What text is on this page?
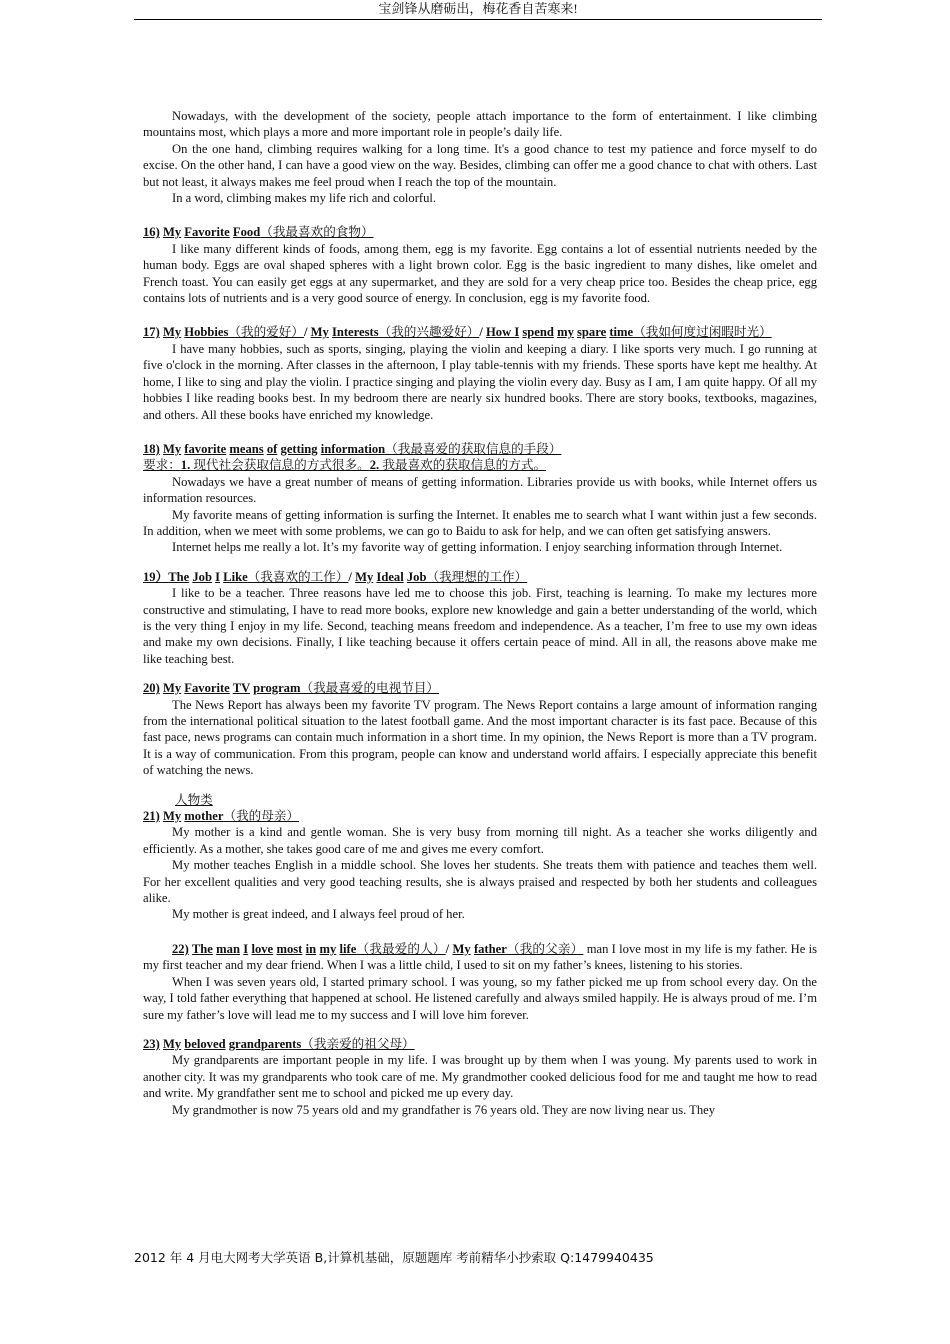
宝剑锋从磨砺出，梅花香自苦寒来!

Nowadays, with the development of the society, people attach importance to the form of entertainment. I like climbing mountains most, which plays a more and more important role in people’s daily life.

On the one hand, climbing requires walking for a long time. It's a good chance to test my patience and force myself to do excise. On the other hand, I can have a good view on the way. Besides, climbing can offer me a good chance to chat with others. Last but not least, it always makes me feel proud when I reach the top of the mountain.

In a word, climbing makes my life rich and colorful.

16) My Favorite Food（我最喜欢的食物）

I like many different kinds of foods, among them, egg is my favorite. Egg contains a lot of essential nutrients needed by the human body. Eggs are oval shaped spheres with a light brown color. Egg is the basic ingredient to many dishes, like omelet and French toast. You can easily get eggs at any supermarket, and they are sold for a very cheap price too. Besides the cheap price, egg contains lots of nutrients and is a very good source of energy. In conclusion, egg is my favorite food.

17) My Hobbies（我的爱好）/ My Interests（我的兴趣爱好）/ How I spend my spare time（我如何度过闲暇时光）

I have many hobbies, such as sports, singing, playing the violin and keeping a diary. I like sports very much. I go running at five o'clock in the morning. After classes in the afternoon, I play table-tennis with my friends. These sports have kept me healthy. At home, I like to sing and play the violin. I practice singing and playing the violin every day. Busy as I am, I am quite happy. Of all my hobbies I like reading books best. In my bedroom there are nearly six hundred books. There are story books, textbooks, magazines, and others. All these books have enriched my knowledge.

18) My favorite means of getting information（我最喜爱的获取信息的手段）

要求：1. 现代社会获取信息的方式很多。2. 我最喜欢的获取信息的方式。

Nowadays we have a great number of means of getting information. Libraries provide us with books, while Internet offers us information resources.

My favorite means of getting information is surfing the Internet. It enables me to search what I want within just a few seconds. In addition, when we meet with some problems, we can go to Baidu to ask for help, and we can often get satisfying answers.

Internet helps me really a lot. It’s my favorite way of getting information. I enjoy searching information through Internet.

19）The Job I Like（我喜欢的工作）/ My Ideal Job（我理想的工作）

I like to be a teacher. Three reasons have led me to choose this job. First, teaching is learning. To make my lectures more constructive and stimulating, I have to read more books, explore new knowledge and gain a better understanding of the world, which is the very thing I enjoy in my life. Second, teaching means freedom and independence. As a teacher, I’m free to use my own ideas and make my own decisions. Finally, I like teaching because it offers certain peace of mind. All in all, the reasons above make me like teaching best.

20) My Favorite TV program（我最喜爱的电视节目）

The News Report has always been my favorite TV program. The News Report contains a large amount of information ranging from the international political situation to the latest football game. And the most important character is its fast pace. Because of this fast pace, news programs can contain much information in a short time. In my opinion, the News Report is more than a TV program. It is a way of communication. From this program, people can know and understand world affairs. I especially appreciate this benefit of watching the news.

人物类

21) My mother（我的母亲）

My mother is a kind and gentle woman. She is very busy from morning till night. As a teacher she works diligently and efficiently. As a mother, she takes good care of me and gives me every comfort.

My mother teaches English in a middle school. She loves her students. She treats them with patience and teaches them well. For her excellent qualities and very good teaching results, she is always praised and respected by both her students and colleagues alike.

My mother is great indeed, and I always feel proud of her.

22) The man I love most in my life（我最爱的人）/ My father（我的父亲） man I love most in my life is my father. He is my first teacher and my dear friend. When I was a little child, I used to sit on my father’s knees, listening to his stories.

When I was seven years old, I started primary school. I was young, so my father picked me up from school every day. On the way, I told father everything that happened at school. He listened carefully and always smiled happily. He is always proud of me. I’m sure my father’s love will lead me to my success and I will love him forever.

23) My beloved grandparents（我亲爱的祖父母）

My grandparents are important people in my life. I was brought up by them when I was young. My parents used to work in another city. It was my grandparents who took care of me. My grandmother cooked delicious food for me and taught me how to read and write. My grandfather sent me to school and picked me up every day.

My grandmother is now 75 years old and my grandfather is 76 years old. They are now living near us. They

2012 年 4 月电大网考大学英语 B,计算机基础，原题题库 考前精华小抄索取 Q:1479940435
